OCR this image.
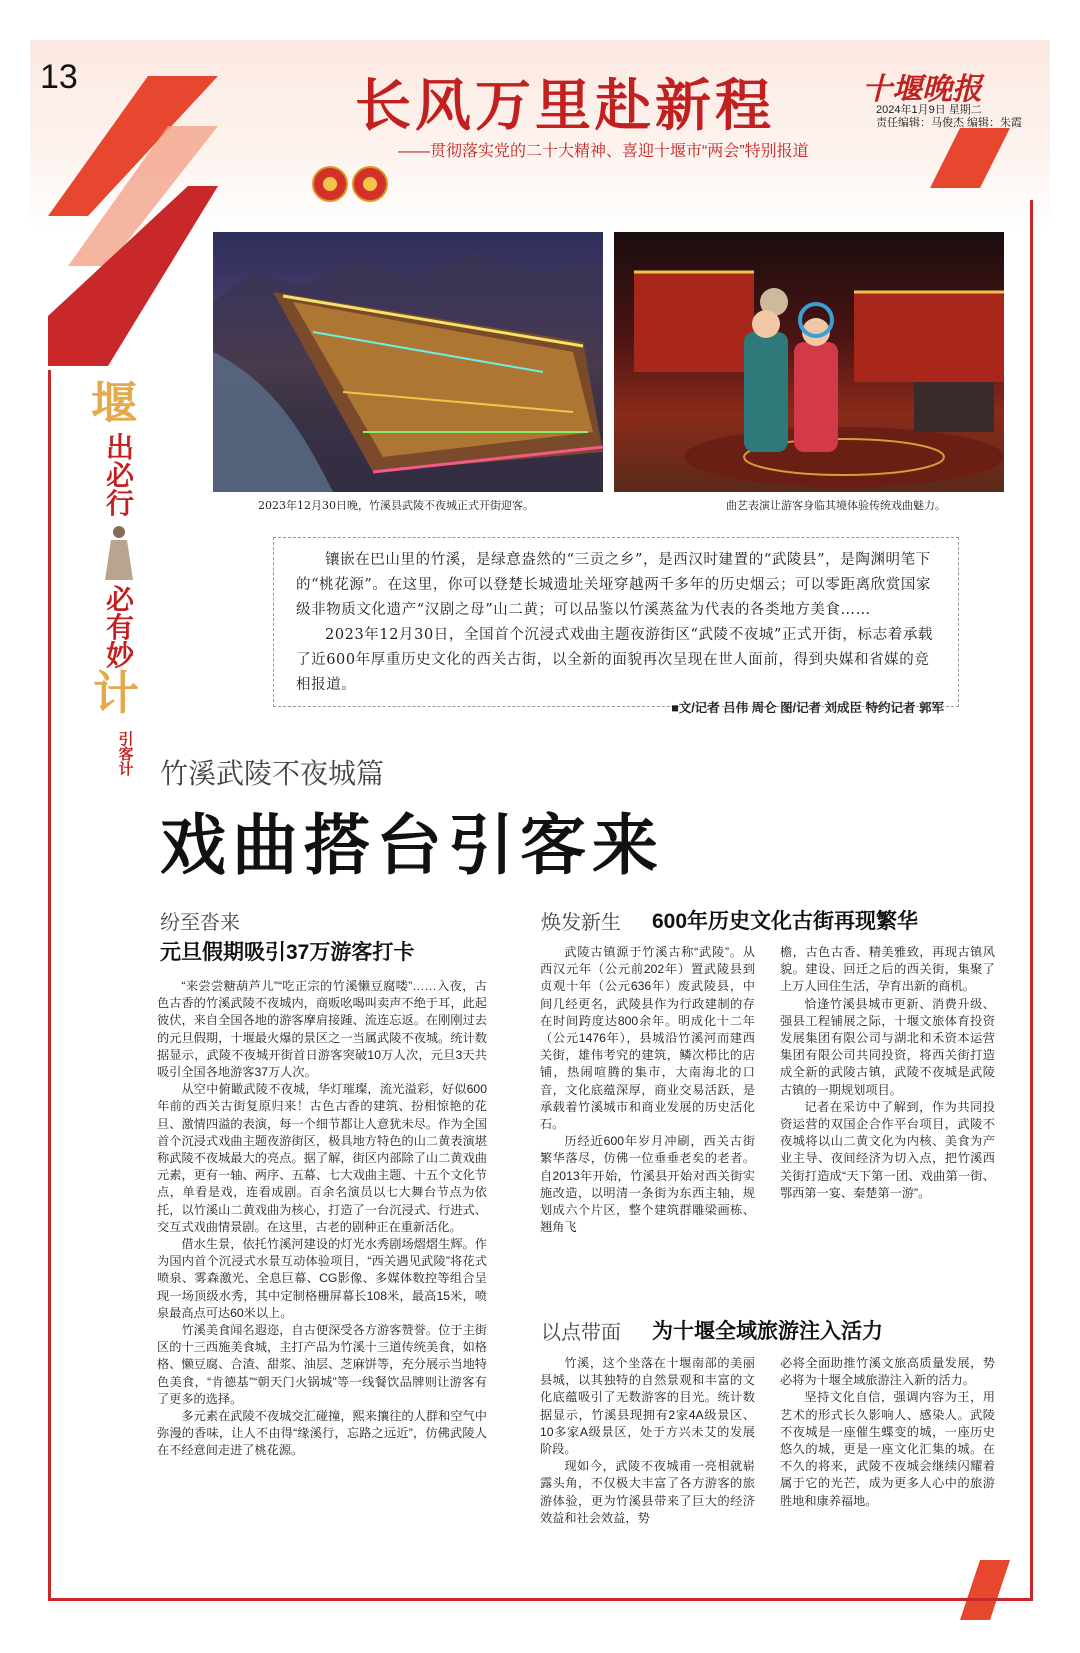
13	长风万里赴新程
——贯彻落实党的二十大精神、喜迎十堰市“两会”特别报道
十堰晚报
2024年1月9日 星期二
责任编辑：马俊杰 编辑：朱霞
2023年12月30日晚，竹溪县武陵不夜城正式开街迎客。	曲艺表演让游客身临其境体验传统戏曲魅力。

镶嵌在巴山里的竹溪，是绿意盎然的“三贡之乡”，是西汉时建置的“武陵县”，是陶渊明笔下的“桃花源”。在这里，你可以登楚长城遗址关垭穿越两千多年的历史烟云；可以零距离欣赏国家级非物质文化遗产“汉剧之母”山二黄；可以品鉴以竹溪蒸盆为代表的各类地方美食……

2023年12月30日，全国首个沉浸式戏曲主题夜游街区“武陵不夜城”正式开街，标志着承载了近600年厚重历史文化的西关古街，以全新的面貌再次呈现在世人面前，得到央媒和省媒的竞相报道。

■文/记者 吕伟 周仑 图/记者 刘成臣 特约记者 郭军
堰
出
必
行
必
有
妙
计
引
客
计 竹溪武陵不夜城篇
戏曲搭台引客来
纷至沓来
元旦假期吸引37万游客打卡

“来尝尝糖葫芦儿”“吃正宗的竹溪懒豆腐喽”……入夜，古色古香的竹溪武陵不夜城内，商贩吆喝叫卖声不绝于耳，此起彼伏，来自全国各地的游客摩肩接踵、流连忘返。在刚刚过去的元旦假期，十堰最火爆的景区之一当属武陵不夜城。统计数据显示，武陵不夜城开街首日游客突破10万人次，元旦3天共吸引全国各地游客37万人次。

从空中俯瞰武陵不夜城，华灯璀璨，流光溢彩，好似600年前的西关古街复原归来！古色古香的建筑、扮相惊艳的花旦、激情四溢的表演，每一个细节都让人意犹未尽。作为全国首个沉浸式戏曲主题夜游街区，极具地方特色的山二黄表演堪称武陵不夜城最大的亮点。据了解，街区内部除了山二黄戏曲元素，更有一轴、两序、五幕、七大戏曲主题、十五个文化节点，单看是戏，连看成剧。百余名演员以七大舞台节点为依托，以竹溪山二黄戏曲为核心，打造了一台沉浸式、行进式、交互式戏曲情景剧。在这里，古老的剧种正在重新活化。

借水生景，依托竹溪河建设的灯光水秀剧场熠熠生辉。作为国内首个沉浸式水景互动体验项目，“西关遇见武陵”将花式喷泉、雾森激光、全息巨幕、CG影像、多媒体数控等组合呈现一场顶级水秀，其中定制格栅屏幕长108米，最高15米，喷泉最高点可达60米以上。

竹溪美食闻名遐迩，自古便深受各方游客赞誉。位于主街区的十三西施美食城，主打产品为竹溪十三道传统美食，如格格、懒豆腐、合渣、甜浆、油层、芝麻饼等，充分展示当地特色美食，“肯德基”“朝天门火锅城”等一线餐饮品牌则让游客有了更多的选择。

多元素在武陵不夜城交汇碰撞，熙来攘往的人群和空气中弥漫的香味，让人不由得“缘溪行，忘路之远近”，仿佛武陵人在不经意间走进了桃花源。

焕发新生 600年历史文化古街再现繁华

武陵古镇源于竹溪古称“武陵”。从西汉元年（公元前202年）置武陵县到贞观十年（公元636年）废武陵县，中间几经更名，武陵县作为行政建制的存在时间跨度达800余年。明成化十二年（公元1476年），县城沿竹溪河而建西关街，雄伟考究的建筑，鳞次栉比的店铺，热闹喧腾的集市，大南海北的口音，文化底蕴深厚，商业交易活跃，是承载着竹溪城市和商业发展的历史活化石。

历经近600年岁月冲刷，西关古街繁华落尽，仿佛一位垂垂老矣的老者。自2013年开始，竹溪县开始对西关街实施改造，以明清一条街为东西主轴，规划成六个片区，整个建筑群雕梁画栋、翘角飞

檐，古色古香、精美雅致，再现古镇风貌。建设、回迁之后的西关街，集聚了上万人回住生活，孕育出新的商机。

恰逢竹溪县城市更新、消费升级、强县工程铺展之际，十堰文旅体育投资发展集团有限公司与湖北和禾资本运营集团有限公司共同投资，将西关街打造成全新的武陵古镇，武陵不夜城是武陵古镇的一期规划项目。

记者在采访中了解到，作为共同投资运营的双国企合作平台项目，武陵不夜城将以山二黄文化为内核、美食为产业主导、夜间经济为切入点，把竹溪西关街打造成“天下第一团、戏曲第一街、鄂西第一宴、秦楚第一游”。

以点带面 为十堰全域旅游注入活力

竹溪，这个坐落在十堰南部的美丽县城，以其独特的自然景观和丰富的文化底蕴吸引了无数游客的目光。统计数据显示，竹溪县现拥有2家4A级景区、10多家A级景区，处于方兴未艾的发展阶段。

现如今，武陵不夜城甫一亮相就崭露头角，不仅极大丰富了各方游客的旅游体验，更为竹溪县带来了巨大的经济效益和社会效益，势

必将全面助推竹溪文旅高质量发展，势必将为十堰全域旅游注入新的活力。

坚持文化自信，强调内容为王，用艺术的形式长久影响人、感染人。武陵不夜城是一座催生蝶变的城，一座历史悠久的城，更是一座文化汇集的城。在不久的将来，武陵不夜城会继续闪耀着属于它的光芒，成为更多人心中的旅游胜地和康养福地。
